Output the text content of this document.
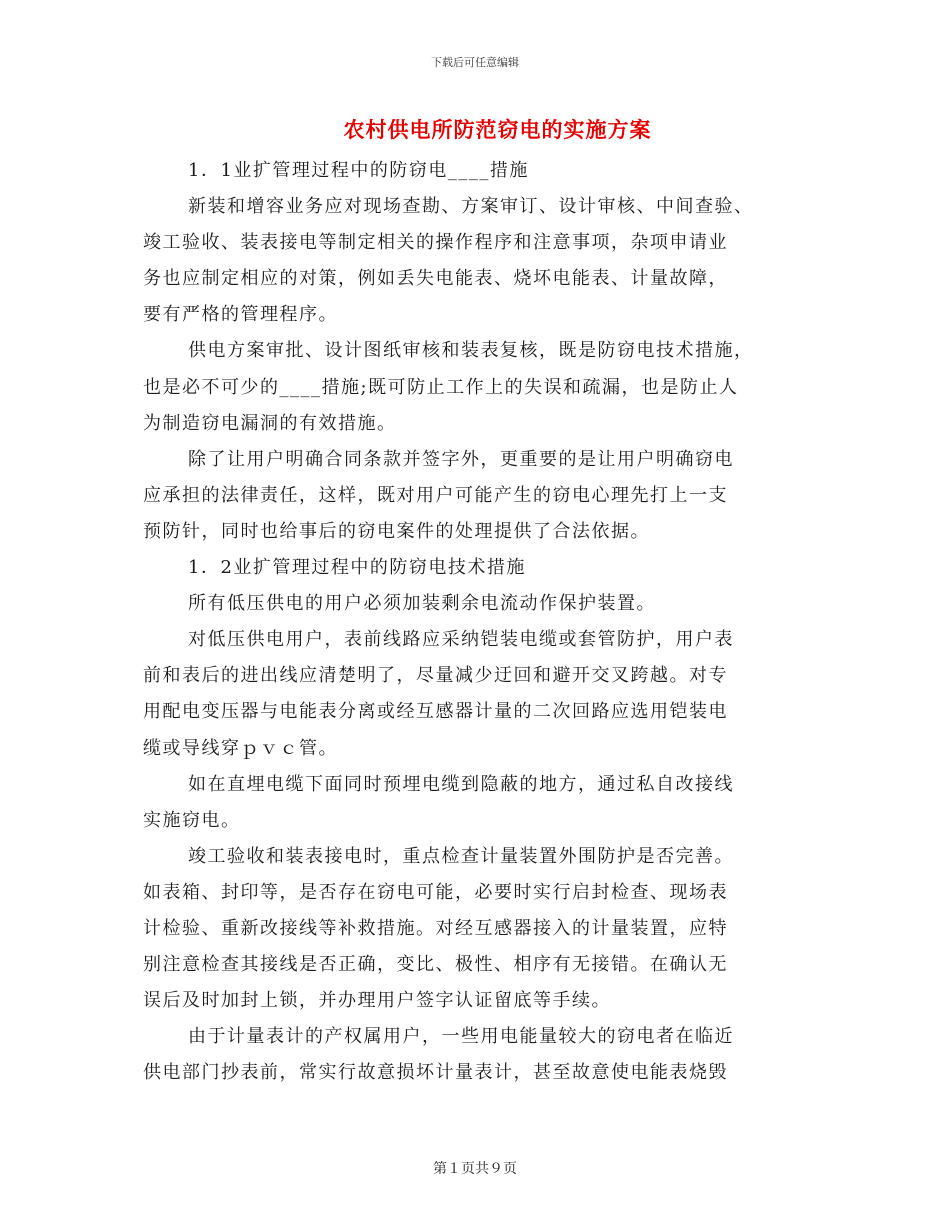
下载后可任意编辑
农村供电所防范窃电的实施方案
1．1业扩管理过程中的防窃电____措施
新装和增容业务应对现场查勘、方案审订、设计审核、中间查验、
竣工验收、装表接电等制定相关的操作程序和注意事项，杂项申请业
务也应制定相应的对策，例如丢失电能表、烧坏电能表、计量故障，
要有严格的管理程序。
供电方案审批、设计图纸审核和装表复核，既是防窃电技术措施，
也是必不可少的____措施;既可防止工作上的失误和疏漏，也是防止人
为制造窃电漏洞的有效措施。
除了让用户明确合同条款并签字外，更重要的是让用户明确窃电
应承担的法律责任，这样，既对用户可能产生的窃电心理先打上一支
预防针，同时也给事后的窃电案件的处理提供了合法依据。
1．2业扩管理过程中的防窃电技术措施
所有低压供电的用户必须加装剩余电流动作保护装置。
对低压供电用户，表前线路应采纳铠装电缆或套管防护，用户表
前和表后的进出线应清楚明了，尽量减少迂回和避开交叉跨越。对专
用配电变压器与电能表分离或经互感器计量的二次回路应选用铠装电
缆或导线穿ｐｖｃ管。
如在直埋电缆下面同时预埋电缆到隐蔽的地方，通过私自改接线
实施窃电。
竣工验收和装表接电时，重点检查计量装置外围防护是否完善。
如表箱、封印等，是否存在窃电可能，必要时实行启封检查、现场表
计检验、重新改接线等补救措施。对经互感器接入的计量装置，应特
别注意检查其接线是否正确，变比、极性、相序有无接错。在确认无
误后及时加封上锁，并办理用户签字认证留底等手续。
由于计量表计的产权属用户，一些用电能量较大的窃电者在临近
供电部门抄表前，常实行故意损坏计量表计，甚至故意使电能表烧毁
第１页共９页
